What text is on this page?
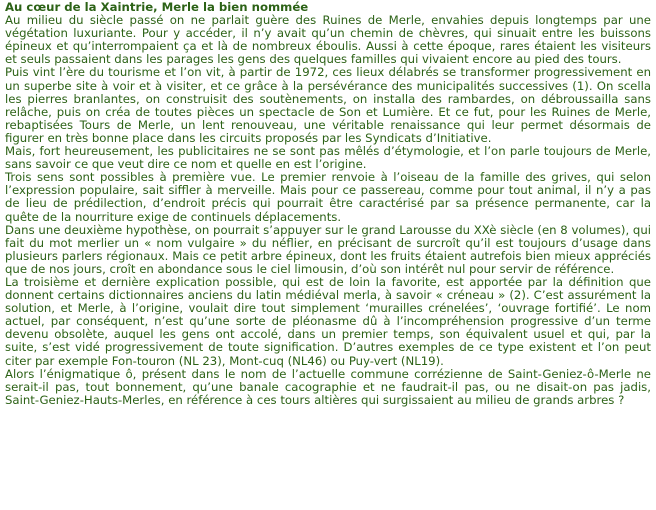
Au cœur de la Xaintrie, Merle la bien nommée
Au milieu du siècle passé on ne parlait guère des Ruines de Merle, envahies depuis longtemps par une végétation luxuriante. Pour y accéder, il n’y avait qu’un chemin de chèvres, qui sinuait entre les buissons épineux et qu’interrompaient ça et là de nombreux éboulis. Aussi à cette époque, rares étaient les visiteurs et seuls passaient dans les parages les gens des quelques familles qui vivaient encore au pied des tours.
Puis vint l’ère du tourisme et l’on vit, à partir de 1972, ces lieux délabrés se transformer progressivement en un superbe site à voir et à visiter, et ce grâce à la persévérance des municipalités successives (1). On scella les pierres branlantes, on construisit des soutènements, on installa des rambardes, on débroussailla sans relâche, puis on créa de toutes pièces un spectacle de Son et Lumière. Et ce fut, pour les Ruines de Merle, rebaptisées Tours de Merle, un lent renouveau, une véritable renaissance qui leur permet désormais de figurer en très bonne place dans les circuits proposés par les Syndicats d’Initiative.
Mais, fort heureusement, les publicitaires ne se sont pas mêlés d’étymologie, et l’on parle toujours de Merle, sans savoir ce que veut dire ce nom et quelle en est l’origine.
Trois sens sont possibles à première vue. Le premier renvoie à l’oiseau de la famille des grives, qui selon l’expression populaire, sait siffler à merveille. Mais pour ce passereau, comme pour tout animal, il n’y a pas de lieu de prédilection, d’endroit précis qui pourrait être caractérisé par sa présence permanente, car la quête de la nourriture exige de continuels déplacements.
Dans une deuxième hypothèse, on pourrait s’appuyer sur le grand Larousse du XXè siècle (en 8 volumes), qui fait du mot merlier un « nom vulgaire » du néflier, en précisant de surcroît qu’il est toujours d’usage dans plusieurs parlers régionaux. Mais ce petit arbre épineux, dont les fruits étaient autrefois bien mieux appréciés que de nos jours, croît en abondance sous le ciel limousin, d’où son intérêt nul pour servir de référence.
La troisième et dernière explication possible, qui est de loin la favorite, est apportée par la définition que donnent certains dictionnaires anciens du latin médiéval merla, à savoir « créneau » (2). C’est assurément la solution, et Merle, à l’origine, voulait dire tout simplement ‘murailles crénelées’, ‘ouvrage fortifié’. Le nom actuel, par conséquent, n’est qu’une sorte de pléonasme dû à l’incompréhension progressive d’un terme devenu obsolète, auquel les gens ont accolé, dans un premier temps, son équivalent usuel et qui, par la suite, s’est vidé progressivement de toute signification. D’autres exemples de ce type existent et l’on peut citer par exemple Fon-touron (NL 23), Mont-cuq (NL46) ou Puy-vert (NL19).
Alors l’énigmatique ô, présent dans le nom de l’actuelle commune corrézienne de Saint-Geniez-ô-Merle ne serait-il pas, tout bonnement, qu’une banale cacographie et ne faudrait-il pas, ou ne disait-on pas jadis, Saint-Geniez-Hauts-Merles, en référence à ces tours altières qui surgissaient au milieu de grands arbres ?
